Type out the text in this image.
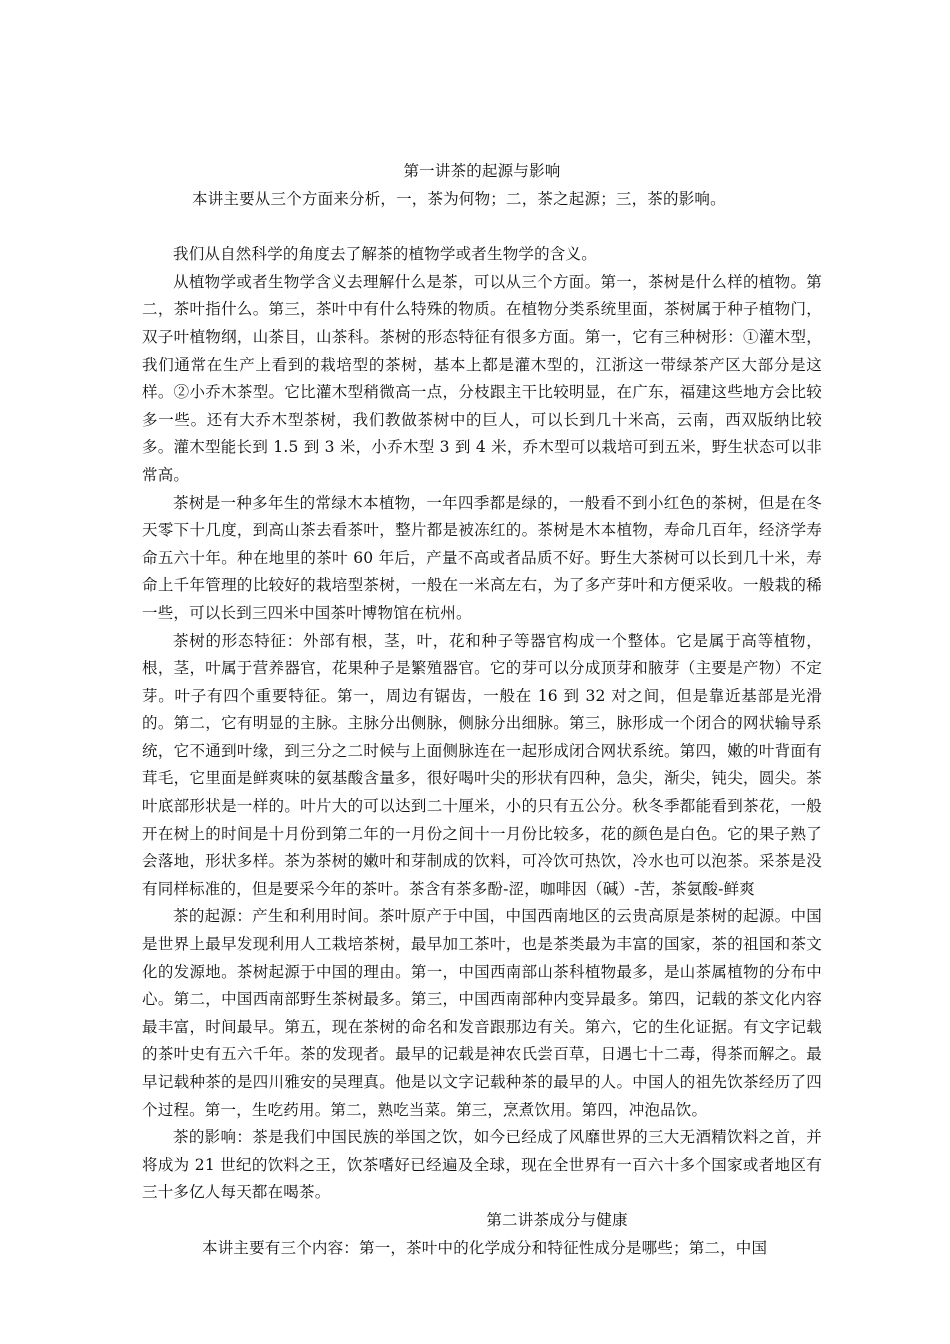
第一讲茶的起源与影响

本讲主要从三个方面来分析，一，茶为何物；二，茶之起源；三，茶的影响。

我们从自然科学的角度去了解茶的植物学或者生物学的含义。

从植物学或者生物学含义去理解什么是茶，可以从三个方面。第一，茶树是什么样的植物。第二，茶叶指什么。第三，茶叶中有什么特殊的物质。在植物分类系统里面，茶树属于种子植物门，双子叶植物纲，山茶目，山茶科。茶树的形态特征有很多方面。第一，它有三种树形：①灌木型，我们通常在生产上看到的栽培型的茶树，基本上都是灌木型的，江浙这一带绿茶产区大部分是这样。②小乔木茶型。它比灌木型稍微高一点，分枝跟主干比较明显，在广东，福建这些地方会比较多一些。还有大乔木型茶树，我们教做茶树中的巨人，可以长到几十米高，云南，西双版纳比较多。灌木型能长到 1.5 到 3 米，小乔木型 3 到 4 米，乔木型可以栽培可到五米，野生状态可以非常高。

茶树是一种多年生的常绿木本植物，一年四季都是绿的，一般看不到小红色的茶树，但是在冬天零下十几度，到高山茶去看茶叶，整片都是被冻红的。茶树是木本植物，寿命几百年，经济学寿命五六十年。种在地里的茶叶 60 年后，产量不高或者品质不好。野生大茶树可以长到几十米，寿命上千年管理的比较好的栽培型茶树，一般在一米高左右，为了多产芽叶和方便采收。一般栽的稀一些，可以长到三四米中国茶叶博物馆在杭州。

茶树的形态特征：外部有根，茎，叶，花和种子等器官构成一个整体。它是属于高等植物，根，茎，叶属于营养器官，花果种子是繁殖器官。它的芽可以分成顶芽和腋芽（主要是产物）不定芽。叶子有四个重要特征。第一，周边有锯齿，一般在 16 到 32 对之间，但是靠近基部是光滑的。第二，它有明显的主脉。主脉分出侧脉，侧脉分出细脉。第三，脉形成一个闭合的网状输导系统，它不通到叶缘，到三分之二时候与上面侧脉连在一起形成闭合网状系统。第四，嫩的叶背面有茸毛，它里面是鲜爽味的氨基酸含量多，很好喝叶尖的形状有四种，急尖，渐尖，钝尖，圆尖。茶叶底部形状是一样的。叶片大的可以达到二十厘米，小的只有五公分。秋冬季都能看到茶花，一般开在树上的时间是十月份到第二年的一月份之间十一月份比较多，花的颜色是白色。它的果子熟了会落地，形状多样。茶为茶树的嫩叶和芽制成的饮料，可冷饮可热饮，冷水也可以泡茶。采茶是没有同样标准的，但是要采今年的茶叶。茶含有茶多酚-涩，咖啡因（碱）-苦，茶氨酸-鲜爽

茶的起源：产生和利用时间。茶叶原产于中国，中国西南地区的云贵高原是茶树的起源。中国是世界上最早发现利用人工栽培茶树，最早加工茶叶，也是茶类最为丰富的国家，茶的祖国和茶文化的发源地。茶树起源于中国的理由。第一，中国西南部山茶科植物最多，是山茶属植物的分布中心。第二，中国西南部野生茶树最多。第三，中国西南部种内变异最多。第四，记载的茶文化内容最丰富，时间最早。第五，现在茶树的命名和发音跟那边有关。第六，它的生化证据。有文字记载的茶叶史有五六千年。茶的发现者。最早的记载是神农氏尝百草，日遇七十二毒，得茶而解之。最早记载种茶的是四川雅安的吴理真。他是以文字记载种茶的最早的人。中国人的祖先饮茶经历了四个过程。第一，生吃药用。第二，熟吃当菜。第三，烹煮饮用。第四，冲泡品饮。

茶的影响：茶是我们中国民族的举国之饮，如今已经成了风靡世界的三大无酒精饮料之首，并将成为 21 世纪的饮料之王，饮茶嗜好已经遍及全球，现在全世界有一百六十多个国家或者地区有三十多亿人每天都在喝茶。

第二讲茶成分与健康

本讲主要有三个内容：第一，茶叶中的化学成分和特征性成分是哪些；第二，中国
